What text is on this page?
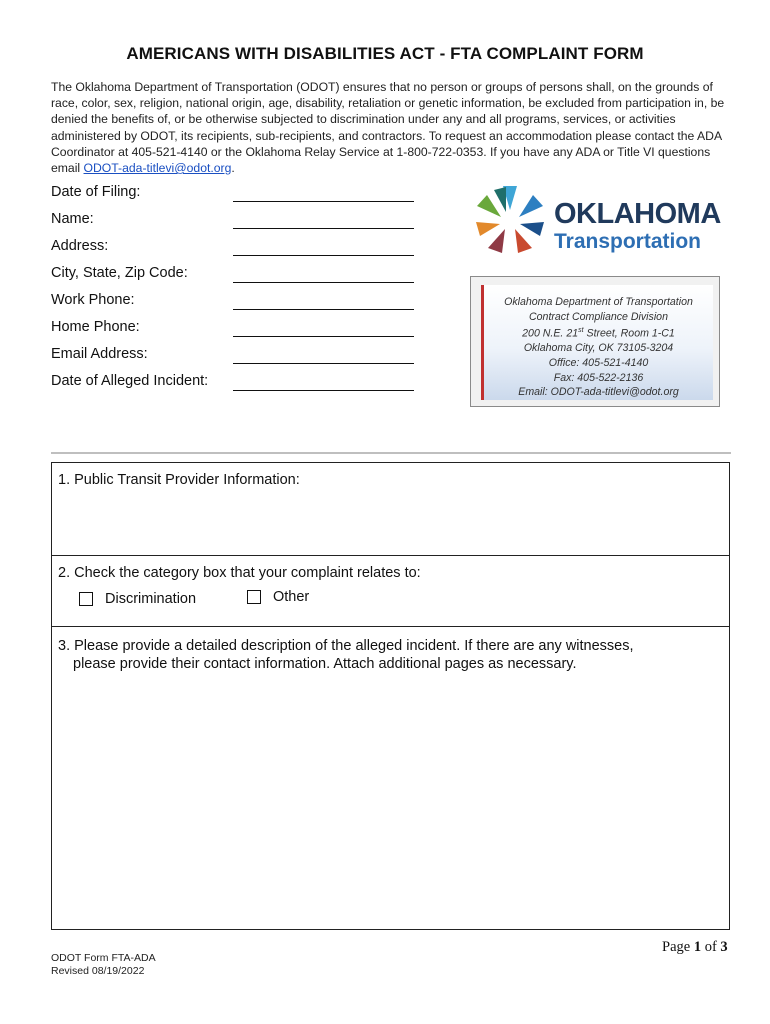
AMERICANS WITH DISABILITIES ACT - FTA COMPLAINT FORM
The Oklahoma Department of Transportation (ODOT) ensures that no person or groups of persons shall, on the grounds of race, color, sex, religion, national origin, age, disability, retaliation or genetic information, be excluded from participation in, be denied the benefits of, or be otherwise subjected to discrimination under any and all programs, services, or activities administered by ODOT, its recipients, sub-recipients, and contractors. To request an accommodation please contact the ADA Coordinator at 405-521-4140 or the Oklahoma Relay Service at 1-800-722-0353. If you have any ADA or Title VI questions email ODOT-ada-titlevi@odot.org.
Date of Filing:
Name:
Address:
City, State, Zip Code:
Work Phone:
Home Phone:
Email Address:
Date of Alleged Incident:
OKLAHOMA
Transportation
Oklahoma Department of Transportation
Contract Compliance Division
200 N.E. 21st Street, Room 1-C1
Oklahoma City, OK 73105-3204
Office: 405-521-4140
Fax: 405-522-2136
Email: ODOT-ada-titlevi@odot.org
1. Public Transit Provider Information:
2. Check the category box that your complaint relates to:
Discrimination	Other
3. Please provide a detailed description of the alleged incident. If there are any witnesses,
please provide their contact information. Attach additional pages as necessary.
Page 1 of 3
ODOT Form FTA-ADA
Revised 08/19/2022
